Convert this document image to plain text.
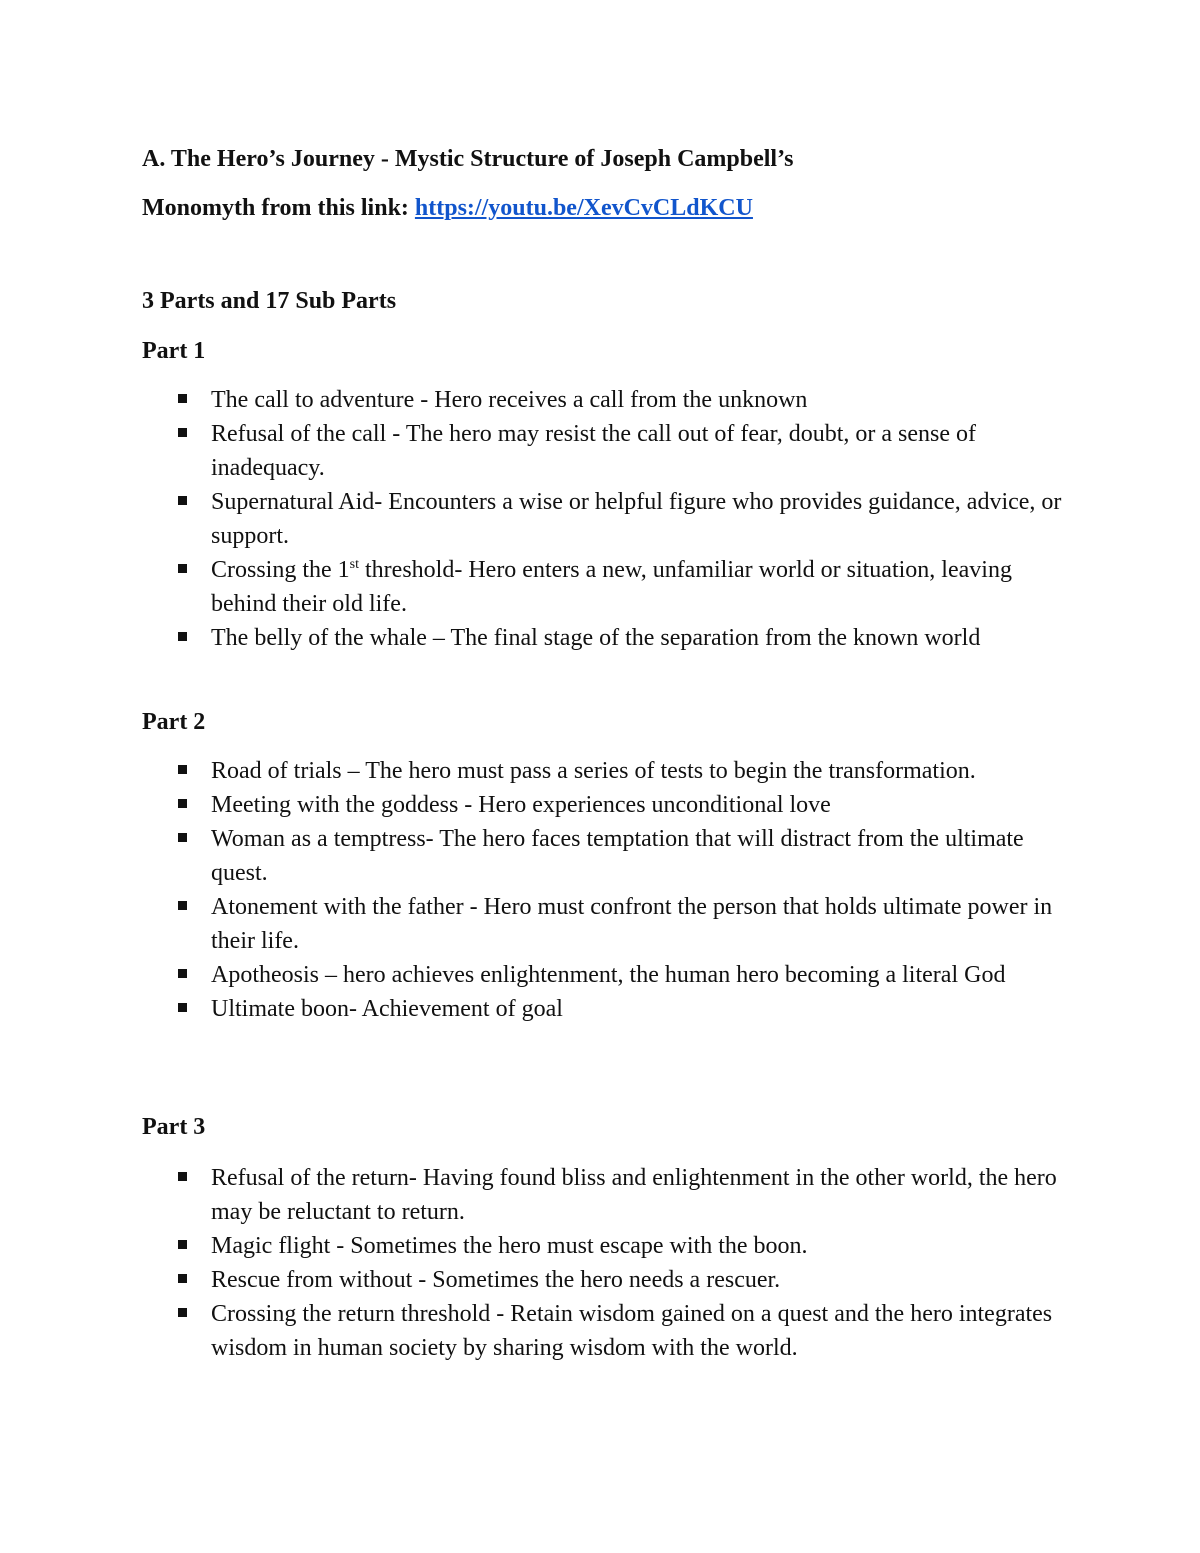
A. The Hero’s Journey - Mystic Structure of Joseph Campbell’s
Monomyth from this link: https://youtu.be/XevCvCLdKCU
3 Parts and 17 Sub Parts
Part 1
The call to adventure - Hero receives a call from the unknown
Refusal of the call - The hero may resist the call out of fear, doubt, or a sense of inadequacy.
Supernatural Aid- Encounters a wise or helpful figure who provides guidance, advice, or support.
Crossing the 1st threshold- Hero enters a new, unfamiliar world or situation, leaving behind their old life.
The belly of the whale – The final stage of the separation from the known world
Part 2
Road of trials – The hero must pass a series of tests to begin the transformation.
Meeting with the goddess - Hero experiences unconditional love
Woman as a temptress- The hero faces temptation that will distract from the ultimate quest.
Atonement with the father - Hero must confront the person that holds ultimate power in their life.
Apotheosis – hero achieves enlightenment, the human hero becoming a literal God
Ultimate boon- Achievement of goal
Part 3
Refusal of the return- Having found bliss and enlightenment in the other world, the hero may be reluctant to return.
Magic flight - Sometimes the hero must escape with the boon.
Rescue from without - Sometimes the hero needs a rescuer.
Crossing the return threshold - Retain wisdom gained on a quest and the hero integrates wisdom in human society by sharing wisdom with the world.
